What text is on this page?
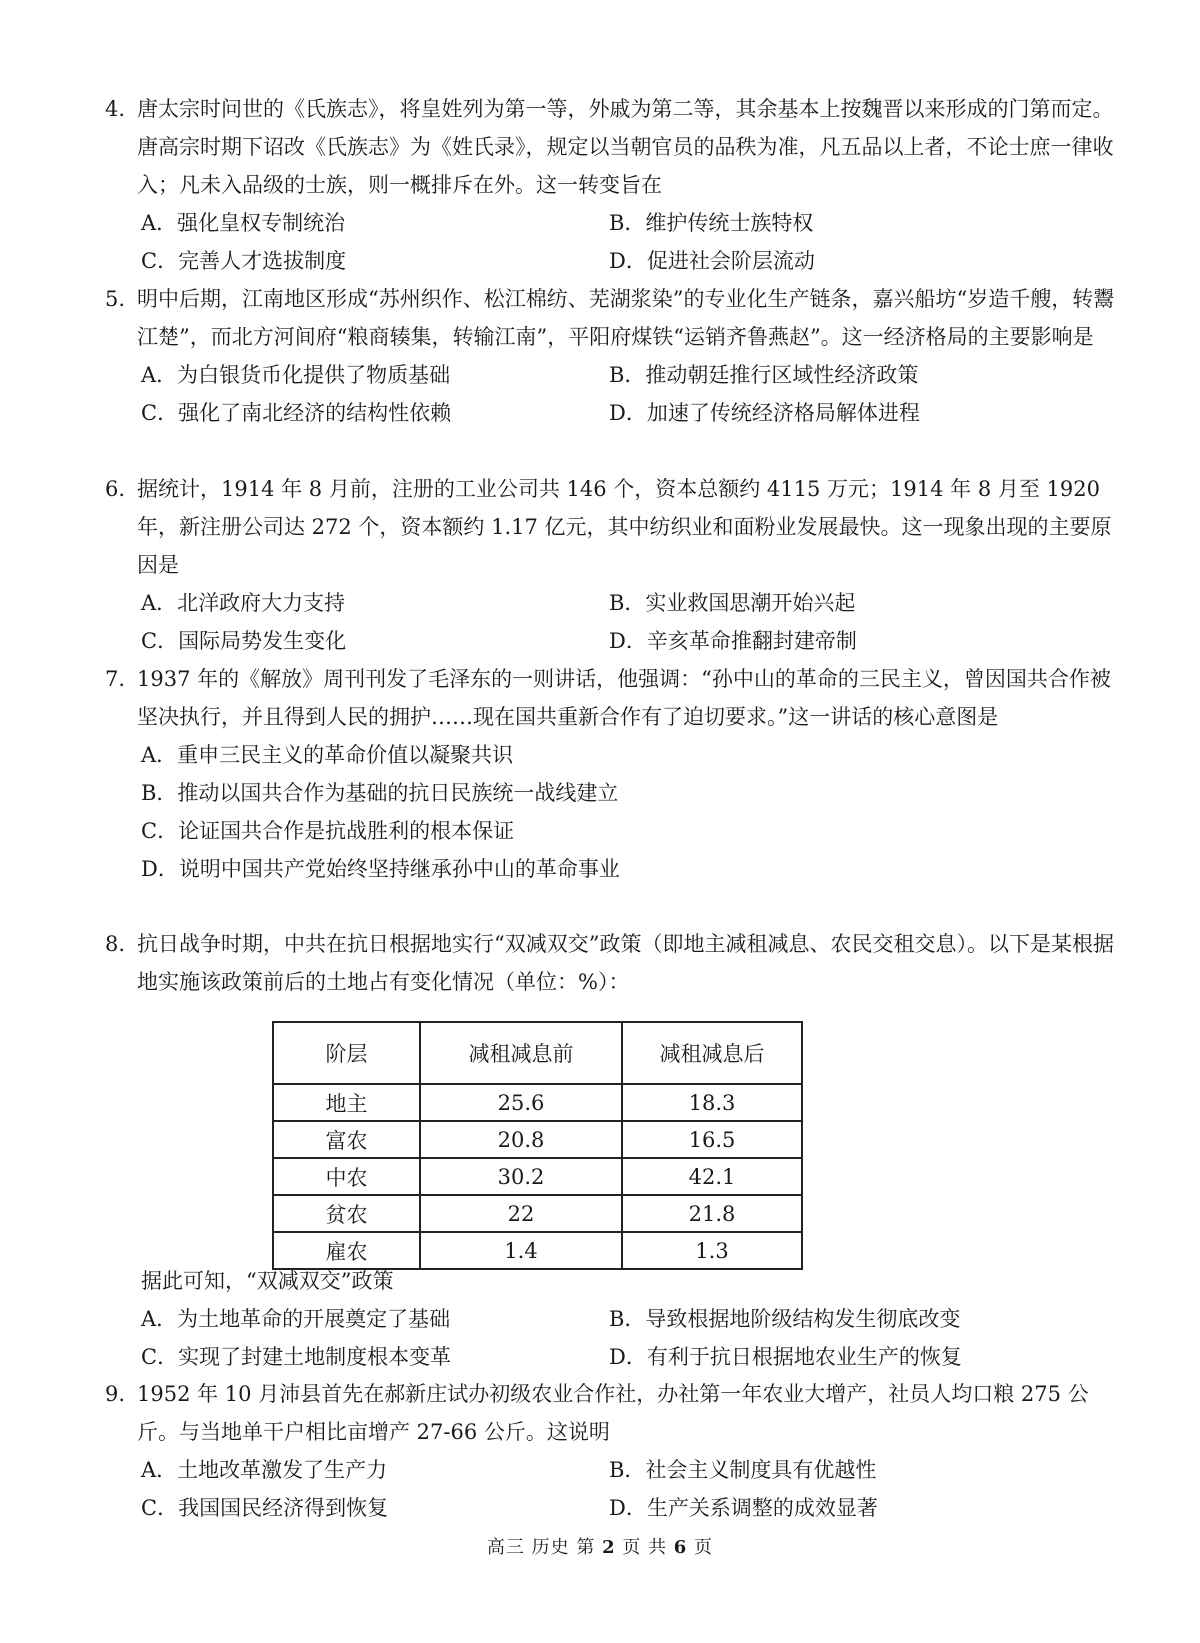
4. 唐太宗时问世的《氏族志》，将皇姓列为第一等，外戚为第二等，其余基本上按魏晋以来形成的门第而定。唐高宗时期下诏改《氏族志》为《姓氏录》，规定以当朝官员的品秩为准，凡五品以上者，不论士庶一律收入；凡未入品级的士族，则一概排斥在外。这一转变旨在
A．强化皇权专制统治	B．维护传统士族特权
C．完善人才选拔制度	D．促进社会阶层流动
5. 明中后期，江南地区形成“苏州织作、松江棉纺、芜湖浆染”的专业化生产链条，嘉兴船坊“岁造千艘，转鬻江楚”，而北方河间府“粮商辏集，转输江南”，平阳府煤铁“运销齐鲁燕赵”。这一经济格局的主要影响是
A．为白银货币化提供了物质基础	B．推动朝廷推行区域性经济政策
C．强化了南北经济的结构性依赖	D．加速了传统经济格局解体进程
6. 据统计，1914 年 8 月前，注册的工业公司共 146 个，资本总额约 4115 万元；1914 年 8 月至 1920 年，新注册公司达 272 个，资本额约 1.17 亿元，其中纺织业和面粉业发展最快。这一现象出现的主要原因是
A．北洋政府大力支持	B．实业救国思潮开始兴起
C．国际局势发生变化	D．辛亥革命推翻封建帝制
7. 1937 年的《解放》周刊刊发了毛泽东的一则讲话，他强调：“孙中山的革命的三民主义，曾因国共合作被坚决执行，并且得到人民的拥护……现在国共重新合作有了迫切要求。”这一讲话的核心意图是
A．重申三民主义的革命价值以凝聚共识
B．推动以国共合作为基础的抗日民族统一战线建立
C．论证国共合作是抗战胜利的根本保证
D．说明中国共产党始终坚持继承孙中山的革命事业
8. 抗日战争时期，中共在抗日根据地实行“双减双交”政策（即地主减租减息、农民交租交息）。以下是某根据地实施该政策前后的土地占有变化情况（单位：%）：
阶层	减租减息前	减租减息后
地主	25.6	18.3
富农	20.8	16.5
中农	30.2	42.1
贫农	22	21.8
雇农	1.4	1.3
据此可知，“双减双交”政策
A．为土地革命的开展奠定了基础	B．导致根据地阶级结构发生彻底改变
C．实现了封建土地制度根本变革	D．有利于抗日根据地农业生产的恢复
9. 1952 年 10 月沛县首先在郝新庄试办初级农业合作社，办社第一年农业大增产，社员人均口粮 275 公斤。与当地单干户相比亩增产 27-66 公斤。这说明
A．土地改革激发了生产力	B．社会主义制度具有优越性
C．我国国民经济得到恢复	D．生产关系调整的成效显著
高三 历史 第 2 页 共 6 页
